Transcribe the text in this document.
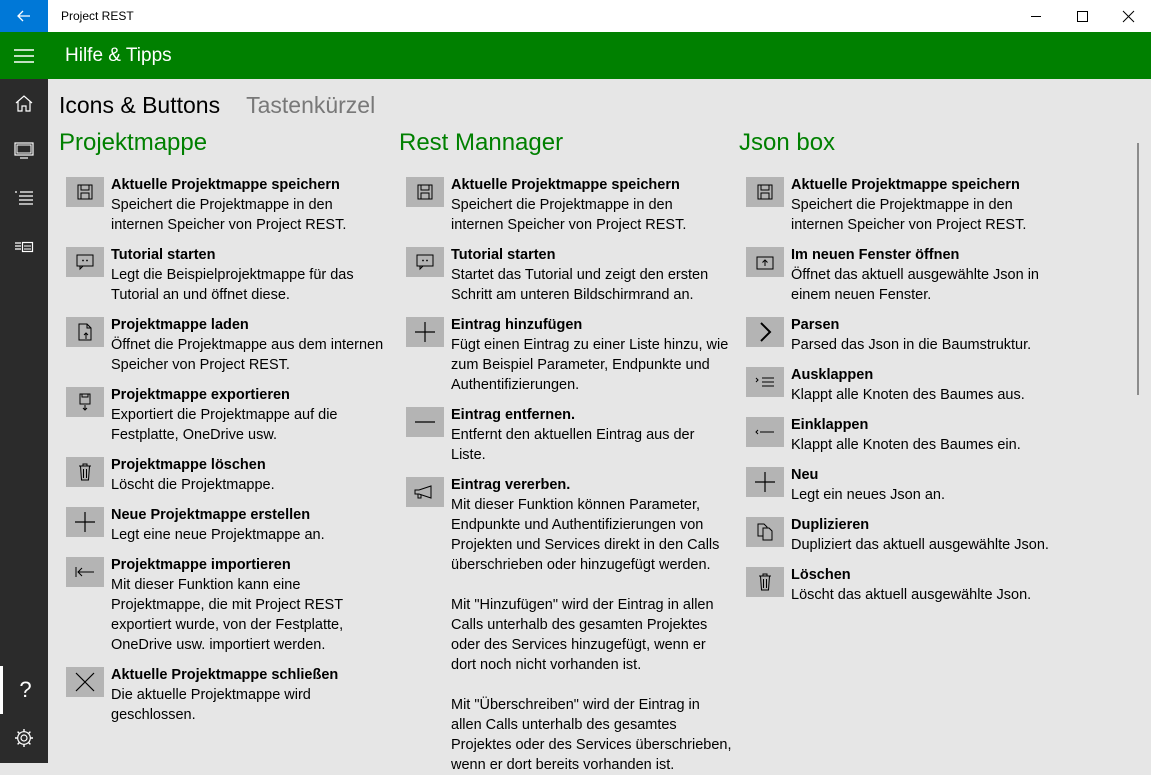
Project REST
Hilfe & Tipps
?
Icons & Buttons Tastenkürzel
Projektmappe
Aktuelle Projektmappe speichern
Speichert die Projektmappe in den
internen Speicher von Project REST.
Tutorial starten
Legt die Beispielprojektmappe für das
Tutorial an und öffnet diese.
Projektmappe laden
Öffnet die Projektmappe aus dem internen
Speicher von Project REST.
Projektmappe exportieren
Exportiert die Projektmappe auf die
Festplatte, OneDrive usw.
Projektmappe löschen
Löscht die Projektmappe.
Neue Projektmappe erstellen
Legt eine neue Projektmappe an.
Projektmappe importieren
Mit dieser Funktion kann eine
Projektmappe, die mit Project REST
exportiert wurde, von der Festplatte,
OneDrive usw. importiert werden.
Aktuelle Projektmappe schließen
Die aktuelle Projektmappe wird
geschlossen.
Rest Mannager
Aktuelle Projektmappe speichern
Speichert die Projektmappe in den
internen Speicher von Project REST.
Tutorial starten
Startet das Tutorial und zeigt den ersten
Schritt am unteren Bildschirmrand an.
Eintrag hinzufügen
Fügt einen Eintrag zu einer Liste hinzu, wie
zum Beispiel Parameter, Endpunkte und
Authentifizierungen.
Eintrag entfernen.
Entfernt den aktuellen Eintrag aus der
Liste.
Eintrag vererben.
Mit dieser Funktion können Parameter,
Endpunkte und Authentifizierungen von
Projekten und Services direkt in den Calls
überschrieben oder hinzugefügt werden.

Mit "Hinzufügen" wird der Eintrag in allen
Calls unterhalb des gesamten Projektes
oder des Services hinzugefügt, wenn er
dort noch nicht vorhanden ist.

Mit "Überschreiben" wird der Eintrag in
allen Calls unterhalb des gesamtes
Projektes oder des Services überschrieben,
wenn er dort bereits vorhanden ist.
Json box
Aktuelle Projektmappe speichern
Speichert die Projektmappe in den
internen Speicher von Project REST.
Im neuen Fenster öffnen
Öffnet das aktuell ausgewählte Json in
einem neuen Fenster.
Parsen
Parsed das Json in die Baumstruktur.
Ausklappen
Klappt alle Knoten des Baumes aus.
Einklappen
Klappt alle Knoten des Baumes ein.
Neu
Legt ein neues Json an.
Duplizieren
Dupliziert das aktuell ausgewählte Json.
Löschen
Löscht das aktuell ausgewählte Json.
